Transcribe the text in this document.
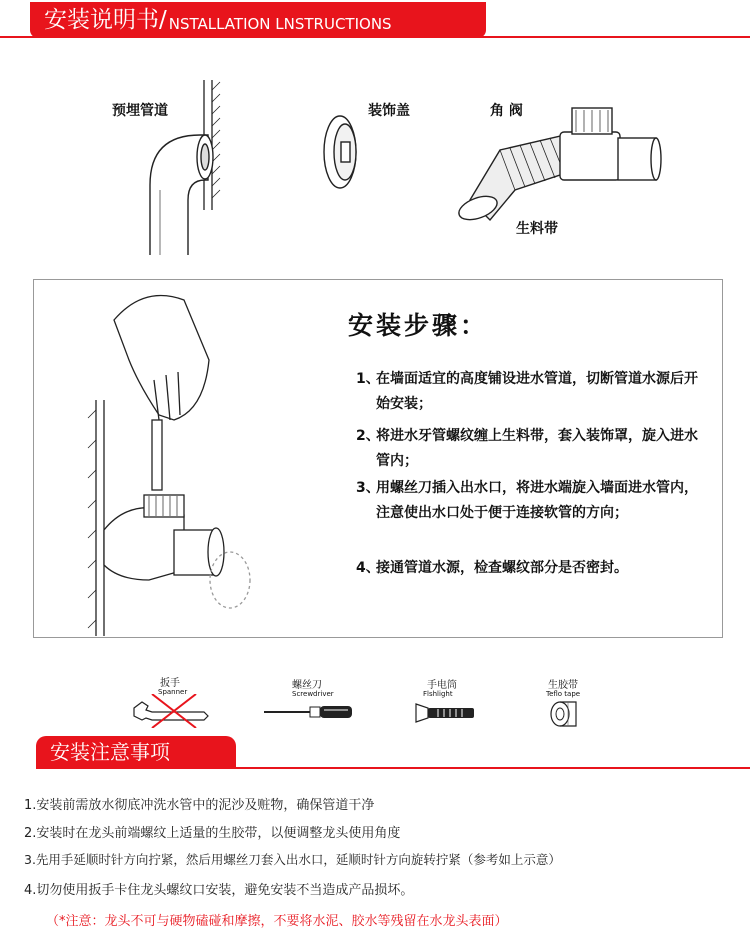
安装说明书/ NSTALLATION LNSTRUCTIONS
预埋管道	装饰盖	角 阀
生料带
安装步骤：
1、
在墙面适宜的高度铺设进水管道，切断管道水源后开始安装；
2、
将进水牙管螺纹缠上生料带，套入装饰罩，旋入进水管内；
3、
用螺丝刀插入出水口，将进水端旋入墙面进水管内，注意使出水口处于便于连接软管的方向；
4、
接通管道水源，检查螺纹部分是否密封。
扳手
Spanner
螺丝刀
Screwdriver
手电筒
Flshlight
生胶带
Teflo tape
安装注意事项
1.安装前需放水彻底冲洗水管中的泥沙及赃物，确保管道干净
2.安装时在龙头前端螺纹上适量的生胶带，以便调整龙头使用角度
3.先用手延顺时针方向拧紧，然后用螺丝刀套入出水口，延顺时针方向旋转拧紧（参考如上示意）
4.切勿使用扳手卡住龙头螺纹口安装，避免安装不当造成产品损坏。
（*注意：龙头不可与硬物磕碰和摩擦，不要将水泥、胶水等残留在水龙头表面）
